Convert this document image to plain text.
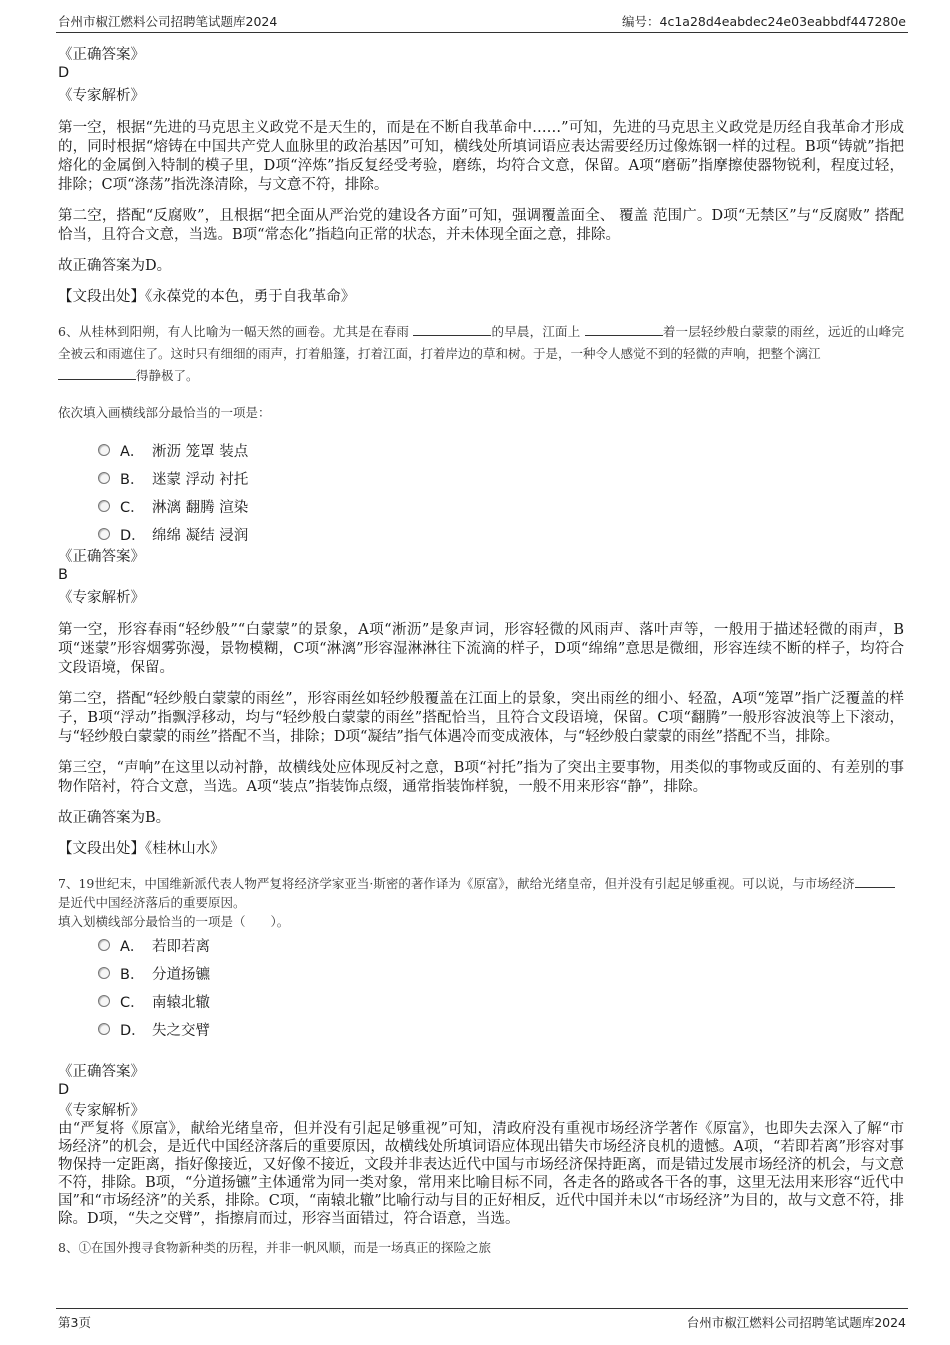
台州市椒江燃料公司招聘笔试题库2024	编号：4c1a28d4eabdec24e03eabbdf447280e

《正确答案》

D

《专家解析》

第一空，根据“先进的马克思主义政党不是天生的，而是在不断自我革命中……”可知，先进的马克思主义政党是历经自我革命才形成的，同时根据“熔铸在中国共产党人血脉里的政治基因”可知，横线处所填词语应表达需要经历过像炼钢一样的过程。B项“铸就”指把熔化的金属倒入特制的模子里，D项“淬炼”指反复经受考验，磨练，均符合文意，保留。A项“磨砺”指摩擦使器物锐利，程度过轻，排除；C项“涤荡”指洗涤清除，与文意不符，排除。

第二空，搭配“反腐败”，且根据“把全面从严治党的建设各方面”可知，强调覆盖面全、 覆盖 范围广。D项“无禁区”与“反腐败” 搭配恰当，且符合文意，当选。B项“常态化”指趋向正常的状态，并未体现全面之意，排除。

故正确答案为D。

【文段出处】《永葆党的本色，勇于自我革命》

6、从桂林到阳朔，有人比喻为一幅天然的画卷。尤其是在春雨	的早晨，江面上	着一层轻纱般白蒙蒙的雨丝，远近的山峰完全被云和雨遮住了。这时只有细细的雨声，打着船篷，打着江面，打着岸边的草和树。于是，一种令人感觉不到的轻微的声响，把整个漓江
得静极了。

依次填入画横线部分最恰当的一项是：

A． 淅沥 笼罩 装点
B． 迷蒙 浮动 衬托
C． 淋漓 翻腾 渲染
D． 绵绵 凝结 浸润

《正确答案》

B

《专家解析》

第一空，形容春雨“轻纱般”“白蒙蒙”的景象，A项“淅沥”是象声词，形容轻微的风雨声、落叶声等，一般用于描述轻微的雨声，B项“迷蒙”形容烟雾弥漫，景物模糊，C项“淋漓”形容湿淋淋往下流滴的样子，D项“绵绵”意思是微细，形容连续不断的样子，均符合文段语境，保留。

第二空，搭配“轻纱般白蒙蒙的雨丝”，形容雨丝如轻纱般覆盖在江面上的景象，突出雨丝的细小、轻盈，A项“笼罩”指广泛覆盖的样子，B项“浮动”指飘浮移动，均与“轻纱般白蒙蒙的雨丝”搭配恰当，且符合文段语境，保留。C项“翻腾”一般形容波浪等上下滚动，与“轻纱般白蒙蒙的雨丝”搭配不当，排除；D项“凝结”指气体遇冷而变成液体，与“轻纱般白蒙蒙的雨丝”搭配不当，排除。

第三空，“声响”在这里以动衬静，故横线处应体现反衬之意，B项“衬托”指为了突出主要事物，用类似的事物或反面的、有差别的事物作陪衬，符合文意，当选。A项“装点”指装饰点缀，通常指装饰样貌，一般不用来形容“静”，排除。

故正确答案为B。

【文段出处】《桂林山水》

7、19世纪末，中国维新派代表人物严复将经济学家亚当·斯密的著作译为《原富》，献给光绪皇帝，但并没有引起足够重视。可以说，与市场经济是近代中国经济落后的重要原因。

填入划横线部分最恰当的一项是（　　）。

A． 若即若离
B． 分道扬镳
C． 南辕北辙
D． 失之交臂

《正确答案》

D

《专家解析》

由“严复将《原富》，献给光绪皇帝，但并没有引起足够重视”可知，清政府没有重视市场经济学著作《原富》，也即失去深入了解“市场经济”的机会，是近代中国经济落后的重要原因，故横线处所填词语应体现出错失市场经济良机的遗憾。A项，“若即若离”形容对事物保持一定距离，指好像接近，又好像不接近，文段并非表达近代中国与市场经济保持距离，而是错过发展市场经济的机会，与文意不符，排除。B项，“分道扬镳”主体通常为同一类对象，常用来比喻目标不同，各走各的路或各干各的事，这里无法用来形容“近代中国”和“市场经济”的关系，排除。C项，“南辕北辙”比喻行动与目的正好相反，近代中国并未以“市场经济”为目的，故与文意不符，排除。D项，“失之交臂”，指擦肩而过，形容当面错过，符合语意，当选。

8、①在国外搜寻食物新种类的历程，并非一帆风顺，而是一场真正的探险之旅

第3页	台州市椒江燃料公司招聘笔试题库2024
